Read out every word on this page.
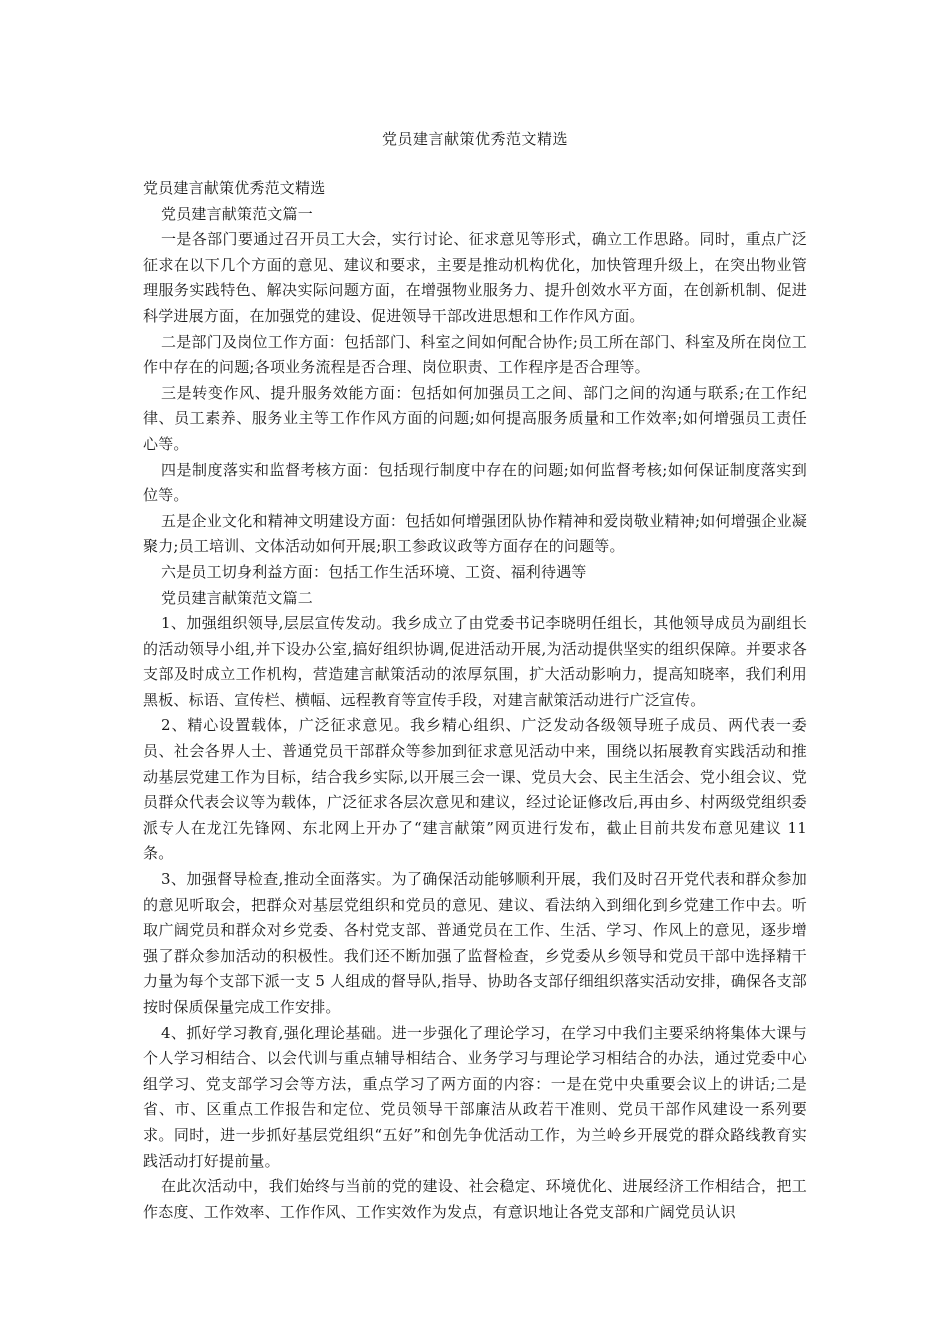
党员建言献策优秀范文精选

党员建言献策优秀范文精选

党员建言献策范文篇一

一是各部门要通过召开员工大会，实行讨论、征求意见等形式，确立工作思路。同时，重点广泛征求在以下几个方面的意见、建议和要求，主要是推动机构优化，加快管理升级上，在突出物业管理服务实践特色、解决实际问题方面，在增强物业服务力、提升创效水平方面，在创新机制、促进科学进展方面，在加强党的建设、促进领导干部改进思想和工作作风方面。

二是部门及岗位工作方面：包括部门、科室之间如何配合协作;员工所在部门、科室及所在岗位工作中存在的问题;各项业务流程是否合理、岗位职责、工作程序是否合理等。

三是转变作风、提升服务效能方面：包括如何加强员工之间、部门之间的沟通与联系;在工作纪律、员工素养、服务业主等工作作风方面的问题;如何提高服务质量和工作效率;如何增强员工责任心等。

四是制度落实和监督考核方面：包括现行制度中存在的问题;如何监督考核;如何保证制度落实到位等。

五是企业文化和精神文明建设方面：包括如何增强团队协作精神和爱岗敬业精神;如何增强企业凝聚力;员工培训、文体活动如何开展;职工参政议政等方面存在的问题等。

六是员工切身利益方面：包括工作生活环境、工资、福利待遇等

党员建言献策范文篇二

1、加强组织领导,层层宣传发动。我乡成立了由党委书记李晓明任组长，其他领导成员为副组长的活动领导小组,并下设办公室,搞好组织协调,促进活动开展,为活动提供坚实的组织保障。并要求各支部及时成立工作机构，营造建言献策活动的浓厚氛围，扩大活动影响力，提高知晓率，我们利用黑板、标语、宣传栏、横幅、远程教育等宣传手段，对建言献策活动进行广泛宣传。

2、精心设置载体，广泛征求意见。我乡精心组织、广泛发动各级领导班子成员、两代表一委员、社会各界人士、普通党员干部群众等参加到征求意见活动中来，围绕以拓展教育实践活动和推动基层党建工作为目标，结合我乡实际,以开展三会一课、党员大会、民主生活会、党小组会议、党员群众代表会议等为载体，广泛征求各层次意见和建议，经过论证修改后,再由乡、村两级党组织委派专人在龙江先锋网、东北网上开办了“建言献策”网页进行发布，截止目前共发布意见建议 11 条。

3、加强督导检查,推动全面落实。为了确保活动能够顺利开展，我们及时召开党代表和群众参加的意见听取会，把群众对基层党组织和党员的意见、建议、看法纳入到细化到乡党建工作中去。听取广阔党员和群众对乡党委、各村党支部、普通党员在工作、生活、学习、作风上的意见，逐步增强了群众参加活动的积极性。我们还不断加强了监督检查，乡党委从乡领导和党员干部中选择精干力量为每个支部下派一支 5 人组成的督导队,指导、协助各支部仔细组织落实活动安排，确保各支部按时保质保量完成工作安排。

4、抓好学习教育,强化理论基础。进一步强化了理论学习，在学习中我们主要采纳将集体大课与个人学习相结合、以会代训与重点辅导相结合、业务学习与理论学习相结合的办法，通过党委中心组学习、党支部学习会等方法，重点学习了两方面的内容：一是在党中央重要会议上的讲话;二是省、市、区重点工作报告和定位、党员领导干部廉洁从政若干准则、党员干部作风建设一系列要求。同时，进一步抓好基层党组织“五好”和创先争优活动工作，为兰岭乡开展党的群众路线教育实践活动打好提前量。

在此次活动中，我们始终与当前的党的建设、社会稳定、环境优化、进展经济工作相结合，把工作态度、工作效率、工作作风、工作实效作为发点，有意识地让各党支部和广阔党员认识
